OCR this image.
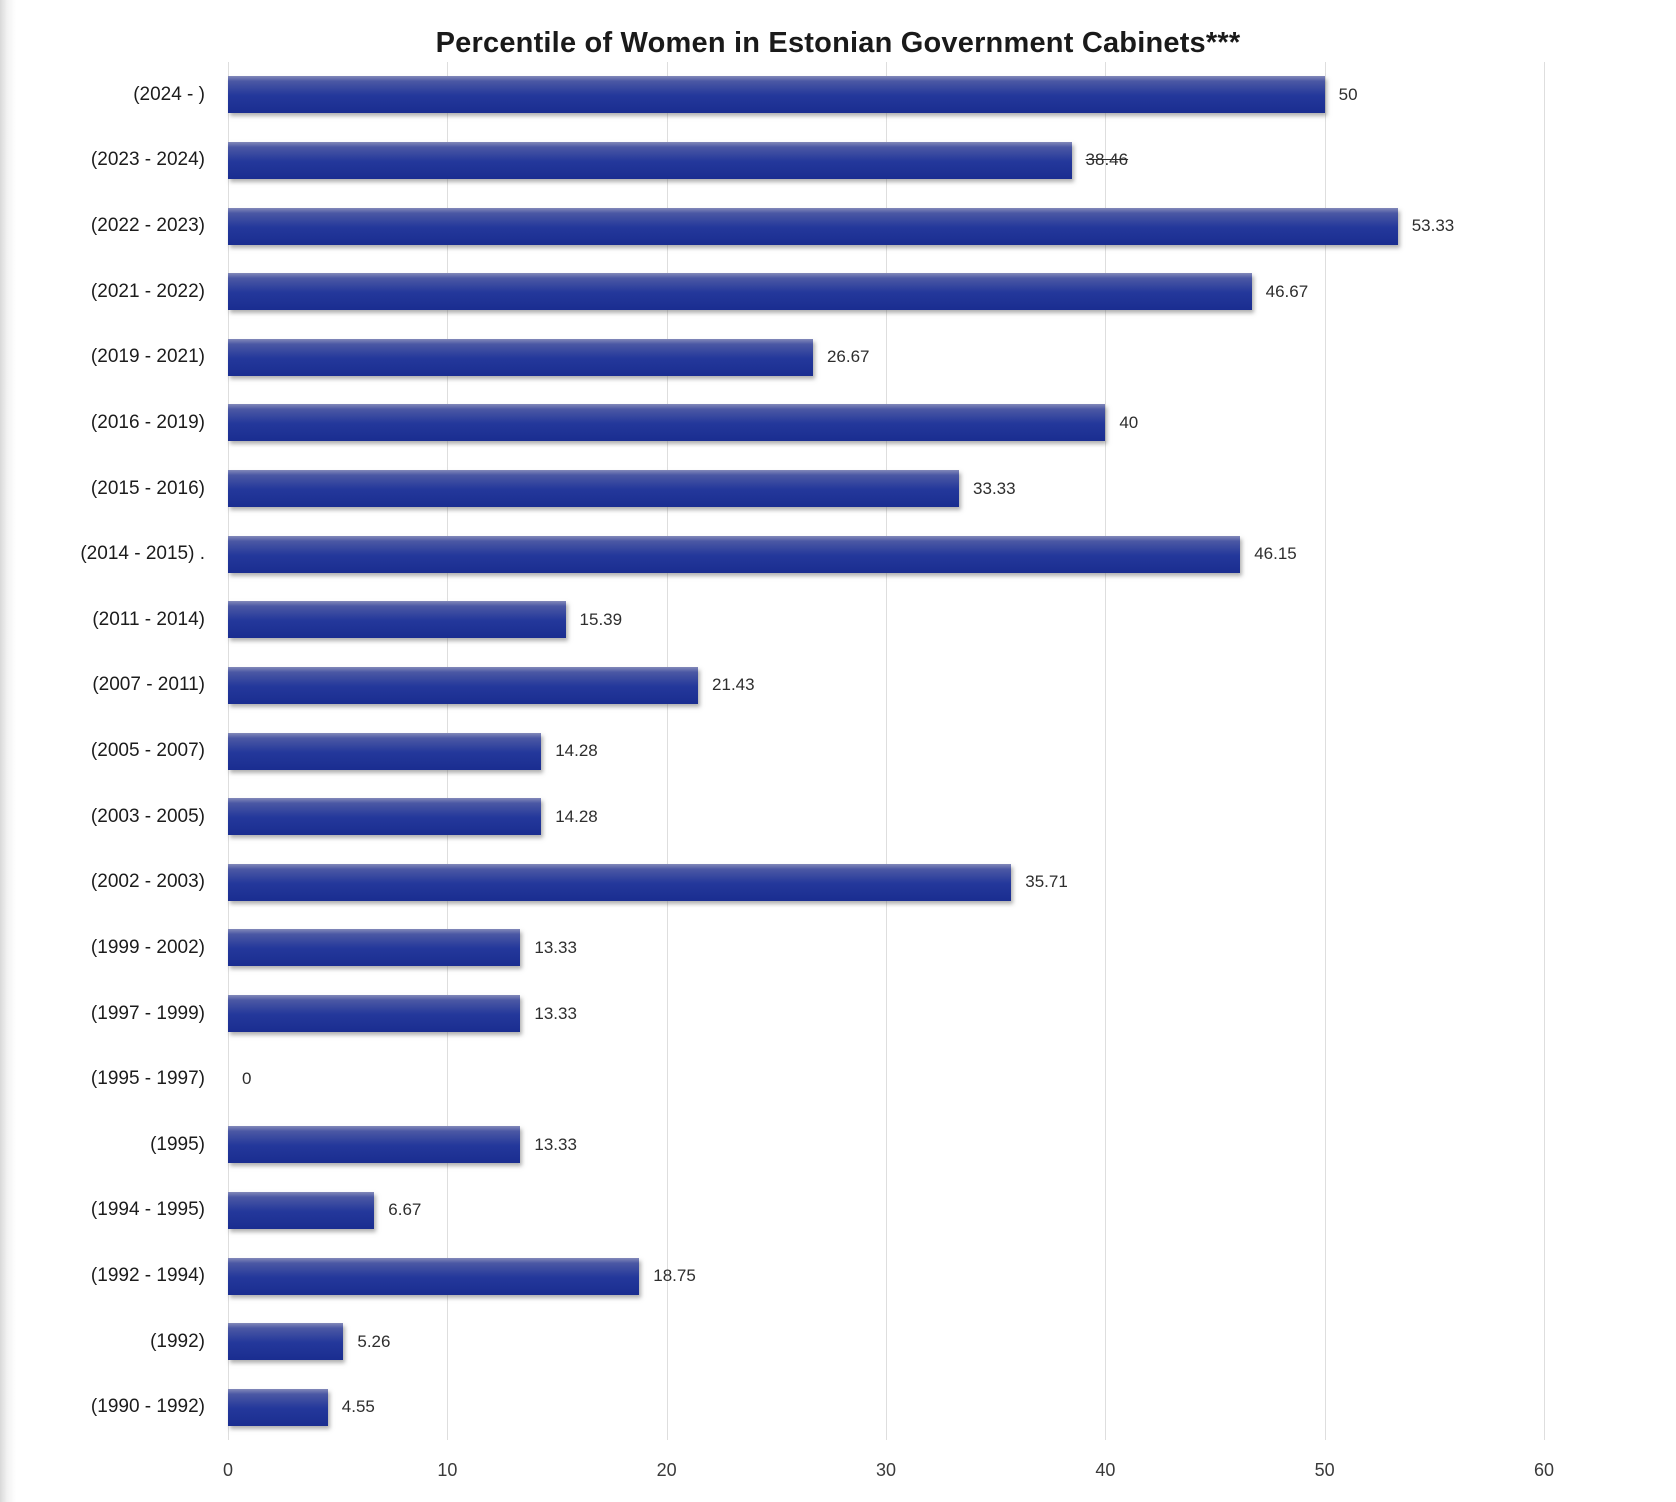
Percentile of Women in Estonian Government Cabinets***
(2024 - )	50
(2023 - 2024)	38.46
(2022 - 2023)	53.33
(2021 - 2022)	46.67
(2019 - 2021)	26.67
(2016 - 2019)	40
(2015 - 2016)	33.33
(2014 - 2015) .	46.15
(2011 - 2014)	15.39
(2007 - 2011)	21.43
(2005 - 2007)	14.28
(2003 - 2005)	14.28
(2002 - 2003)	35.71
(1999 - 2002)	13.33
(1997 - 1999)	13.33
(1995 - 1997) 0
(1995)	13.33
(1994 - 1995)	6.67
(1992 - 1994)	18.75
(1992)	5.26
(1990 - 1992)	4.55
0	10	20	30	40	50	60
